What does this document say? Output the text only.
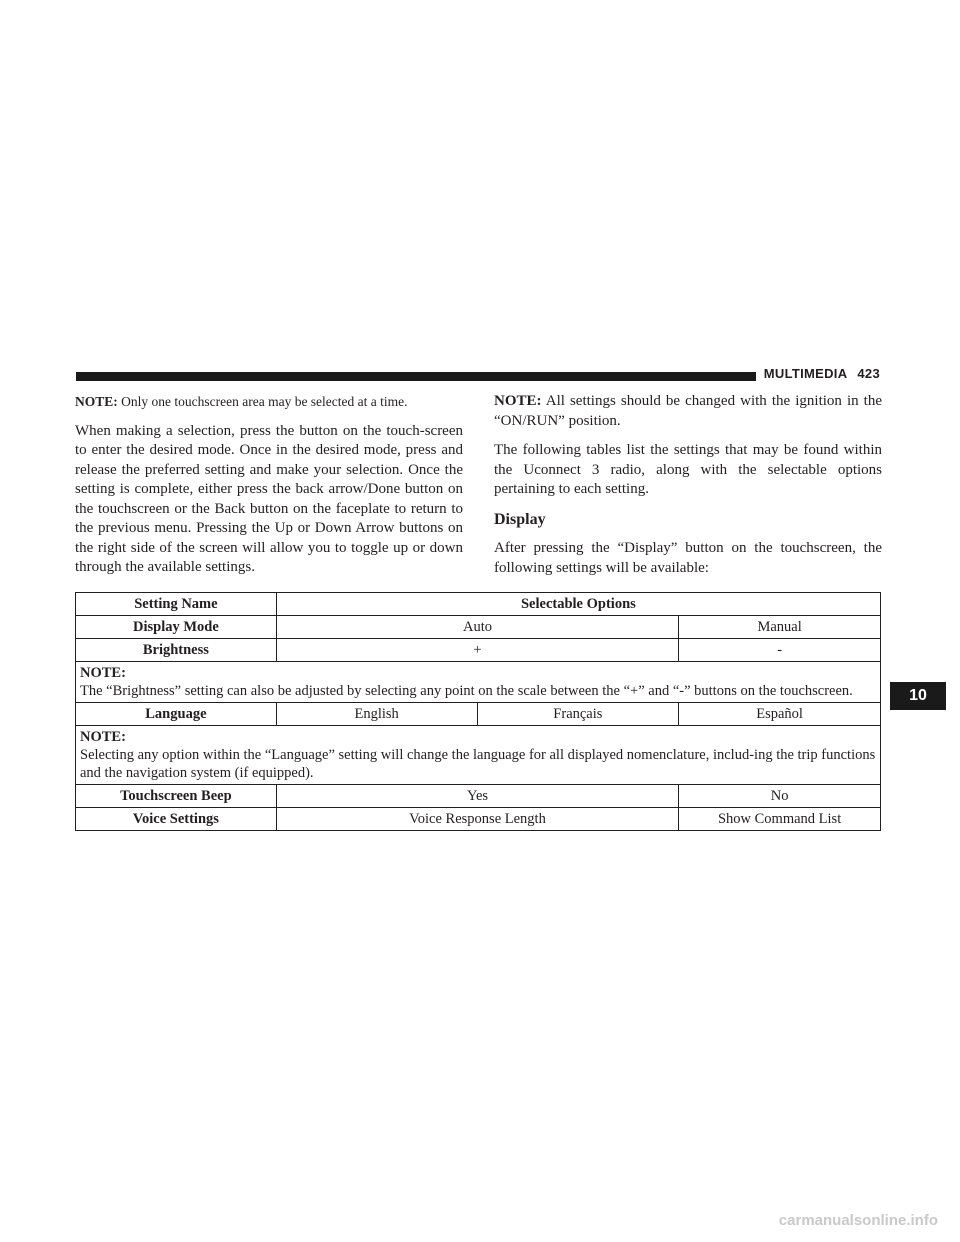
MULTIMEDIA 423

NOTE: Only one touchscreen area may be selected at a time.

When making a selection, press the button on the touch-screen to enter the desired mode. Once in the desired mode, press and release the preferred setting and make your selection. Once the setting is complete, either press the back arrow/Done button on the touchscreen or the Back button on the faceplate to return to the previous menu. Pressing the Up or Down Arrow buttons on the right side of the screen will allow you to toggle up or down through the available settings.

NOTE: All settings should be changed with the ignition in the “ON/RUN” position.

The following tables list the settings that may be found within the Uconnect 3 radio, along with the selectable options pertaining to each setting.

Display

After pressing the “Display” button on the touchscreen, the following settings will be available:

Setting Name	Selectable Options		
Display Mode	Auto		Manual
Brightness	+		-

NOTE:
The “Brightness” setting can also be adjusted by selecting any point on the scale between the “+” and “-” buttons on the touchscreen.			

Language	English	Français	Español

NOTE:
Selecting any option within the “Language” setting will change the language for all displayed nomenclature, includ-ing the trip functions and the navigation system (if equipped).			

Touchscreen Beep	Yes		No
Voice Settings	Voice Response Length		Show Command List
10
carmanualsonline.info
